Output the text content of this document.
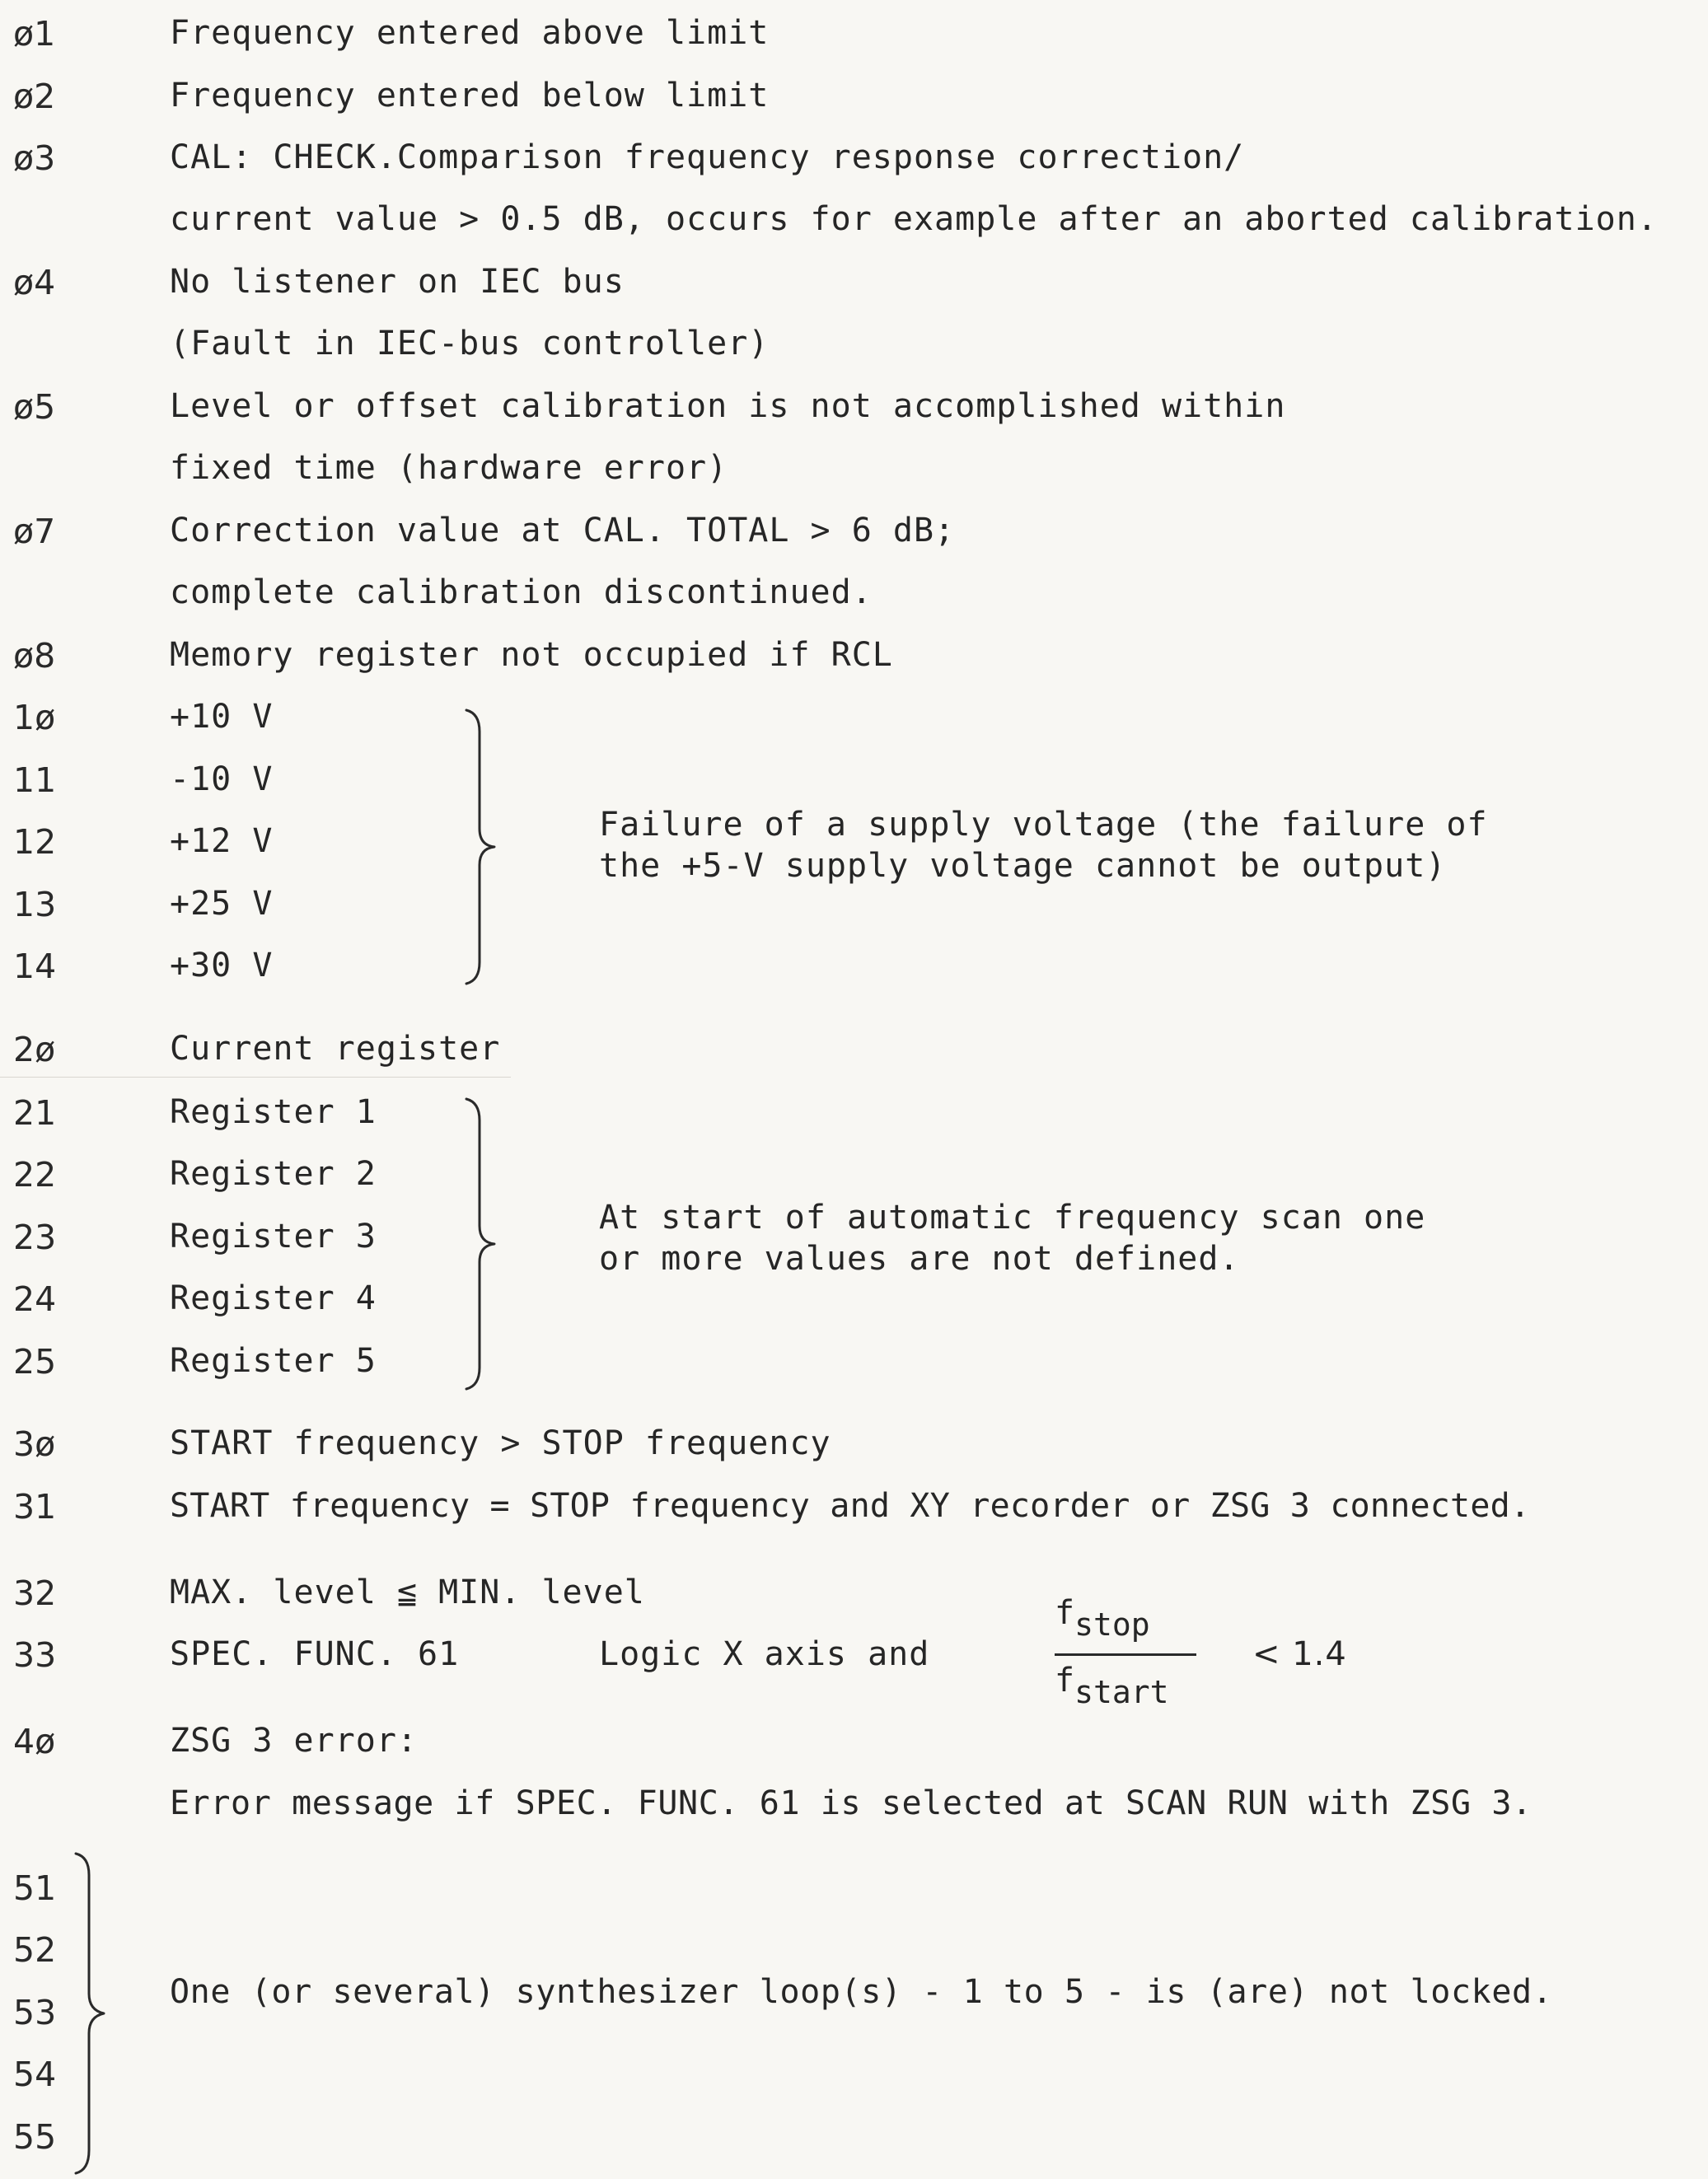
ø1	Frequency entered above limit
ø2	Frequency entered below limit
ø3	CAL: CHECK.Comparison frequency response correction/
current value > 0.5 dB, occurs for example after an aborted calibration.
ø4	No listener on IEC bus
(Fault in IEC-bus controller)
ø5	Level or offset calibration is not accomplished within
fixed time (hardware error)
ø7	Correction value at CAL. TOTAL > 6 dB;
complete calibration discontinued.
ø8	Memory register not occupied if RCL
1ø	+10 V
11	-10 V
12	+12 V
13	+25 V
14	+30 V
Failure of a supply voltage (the failure of
the +5-V supply voltage cannot be output)
2ø	Current register
21	Register 1
22	Register 2
23	Register 3
24	Register 4
25	Register 5
At start of automatic frequency scan one
or more values are not defined.
3ø	START frequency > STOP frequency
31	START frequency = STOP frequency and XY recorder or ZSG 3 connected.
32	MAX. level ≦ MIN. level
33	SPEC. FUNC. 61	Logic X axis and
fstop
fstart
< 1.4
4ø	ZSG 3 error:
Error message if SPEC. FUNC. 61 is selected at SCAN RUN with ZSG 3.
51
52
53
54
55
One (or several) synthesizer loop(s) - 1 to 5 - is (are) not locked.
